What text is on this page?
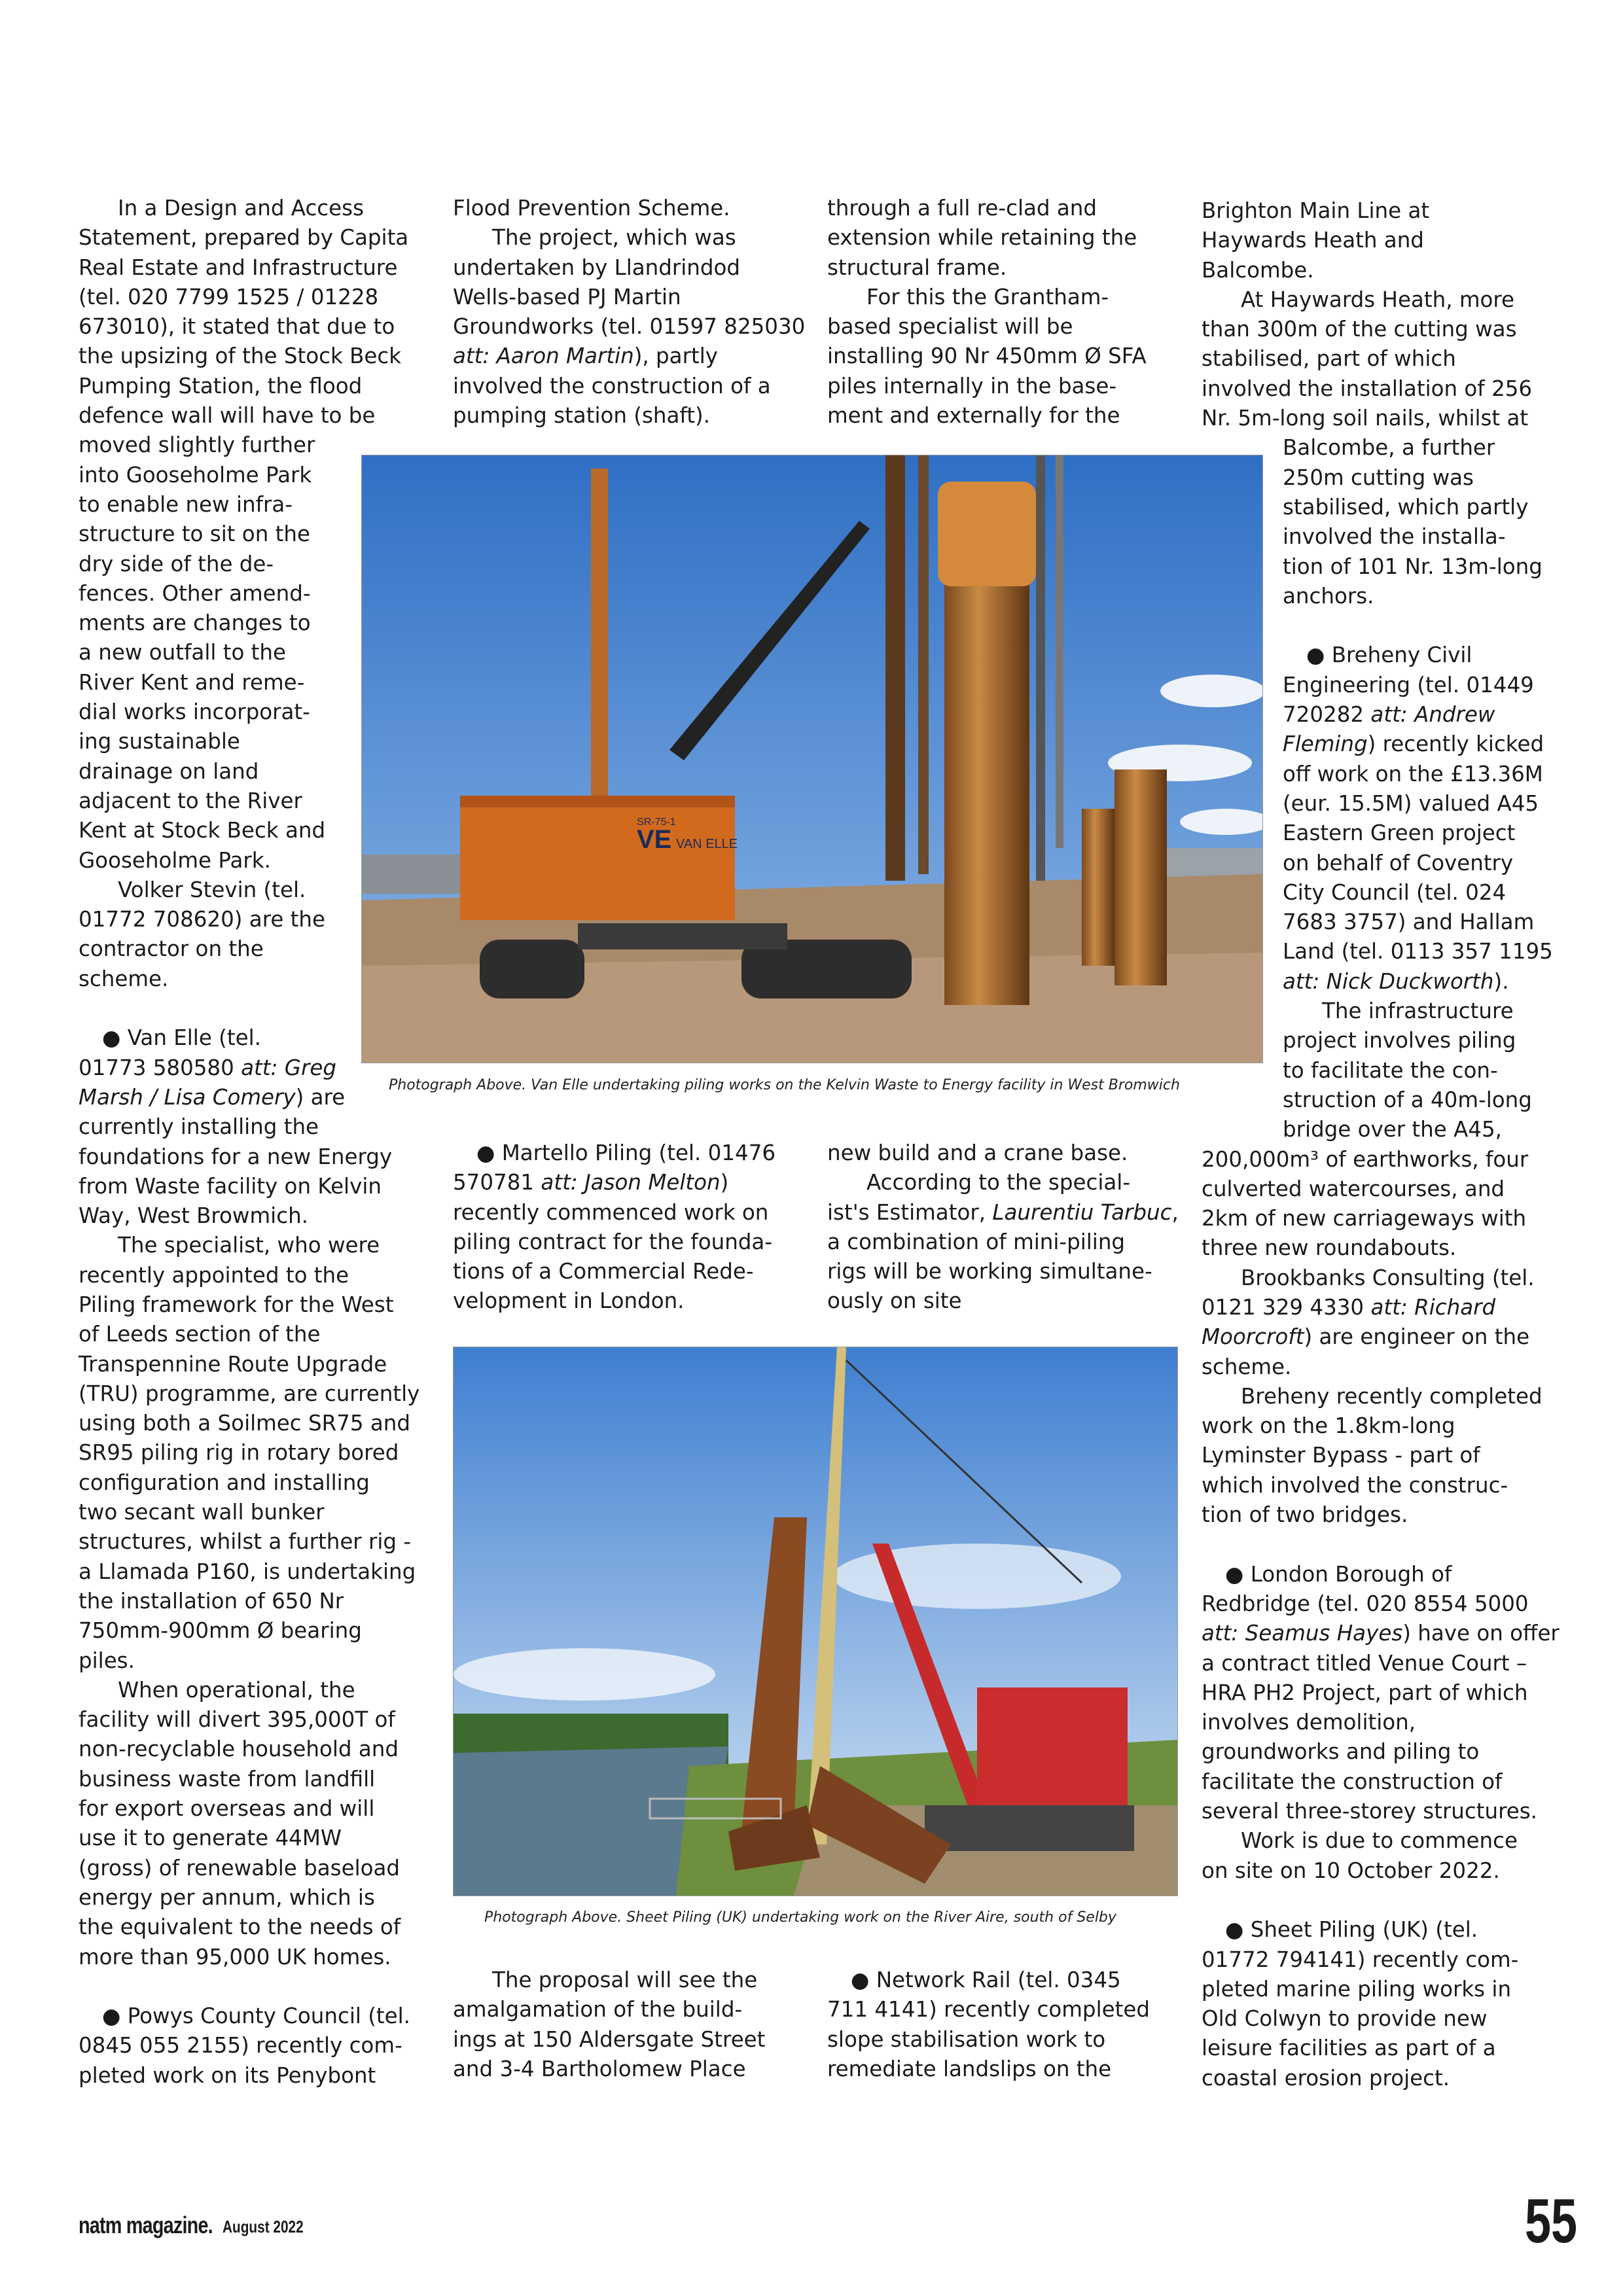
In a Design and Access
Statement, prepared by Capita
Real Estate and Infrastructure
(tel. 020 7799 1525 / 01228
673010), it stated that due to
the upsizing of the Stock Beck
Pumping Station, the flood
defence wall will have to be
moved slightly further
into Gooseholme Park
to enable new infra-
structure to sit on the
dry side of the de-
fences. Other amend-
ments are changes to
a new outfall to the
River Kent and reme-
dial works incorporat-
ing sustainable
drainage on land
adjacent to the River
Kent at Stock Beck and
Gooseholme Park.
Volker Stevin (tel.
01772 708620) are the
contractor on the
scheme.
● Van Elle (tel.
01773 580580 att: Greg
Marsh / Lisa Comery) are
currently installing the
foundations for a new Energy
from Waste facility on Kelvin
Way, West Browmich.
The specialist, who were
recently appointed to the
Piling framework for the West
of Leeds section of the
Transpennine Route Upgrade
(TRU) programme, are currently
using both a Soilmec SR75 and
SR95 piling rig in rotary bored
configuration and installing
two secant wall bunker
structures, whilst a further rig -
a Llamada P160, is undertaking
the installation of 650 Nr
750mm-900mm Ø bearing
piles.
When operational, the
facility will divert 395,000T of
non-recyclable household and
business waste from landfill
for export overseas and will
use it to generate 44MW
(gross) of renewable baseload
energy per annum, which is
the equivalent to the needs of
more than 95,000 UK homes.
● Powys County Council (tel.
0845 055 2155) recently com-
pleted work on its Penybont
Flood Prevention Scheme.
The project, which was
undertaken by Llandrindod
Wells-based PJ Martin
Groundworks (tel. 01597 825030
att: Aaron Martin), partly
involved the construction of a
pumping station (shaft).
through a full re-clad and
extension while retaining the
structural frame.
For this the Grantham-
based specialist will be
installing 90 Nr 450mm Ø SFA
piles internally in the base-
ment and externally for the
Brighton Main Line at
Haywards Heath and
Balcombe.
At Haywards Heath, more
than 300m of the cutting was
stabilised, part of which
involved the installation of 256
Nr. 5m-long soil nails, whilst at
Balcombe, a further
250m cutting was
stabilised, which partly
involved the installa-
tion of 101 Nr. 13m-long
anchors.
● Breheny Civil
Engineering (tel. 01449
720282 att: Andrew
Fleming) recently kicked
off work on the £13.36M
(eur. 15.5M) valued A45
Eastern Green project
on behalf of Coventry
City Council (tel. 024
7683 3757) and Hallam
Land (tel. 0113 357 1195
att: Nick Duckworth).
The infrastructure
project involves piling
to facilitate the con-
struction of a 40m-long
bridge over the A45,
200,000m³ of earthworks, four
culverted watercourses, and
2km of new carriageways with
three new roundabouts.
Brookbanks Consulting (tel.
0121 329 4330 att: Richard
Moorcroft) are engineer on the
scheme.
Breheny recently completed
work on the 1.8km-long
Lyminster Bypass - part of
which involved the construc-
tion of two bridges.
● London Borough of
Redbridge (tel. 020 8554 5000
att: Seamus Hayes) have on offer
a contract titled Venue Court –
HRA PH2 Project, part of which
involves demolition,
groundworks and piling to
facilitate the construction of
several three-storey structures.
Work is due to commence
on site on 10 October 2022.
● Sheet Piling (UK) (tel.
01772 794141) recently com-
pleted marine piling works in
Old Colwyn to provide new
leisure facilities as part of a
coastal erosion project.
VE VAN ELLE
SR-75-1
Photograph Above. Van Elle undertaking piling works on the Kelvin Waste to Energy facility in West Bromwich
● Martello Piling (tel. 01476
570781 att: Jason Melton)
recently commenced work on
piling contract for the founda-
tions of a Commercial Rede-
velopment in London.
new build and a crane base.
According to the special-
ist's Estimator, Laurentiu Tarbuc,
a combination of mini-piling
rigs will be working simultane-
ously on site
Photograph Above. Sheet Piling (UK) undertaking work on the River Aire, south of Selby
The proposal will see the
amalgamation of the build-
ings at 150 Aldersgate Street
and 3-4 Bartholomew Place
● Network Rail (tel. 0345
711 4141) recently completed
slope stabilisation work to
remediate landslips on the
natm magazine. August 2022	55
